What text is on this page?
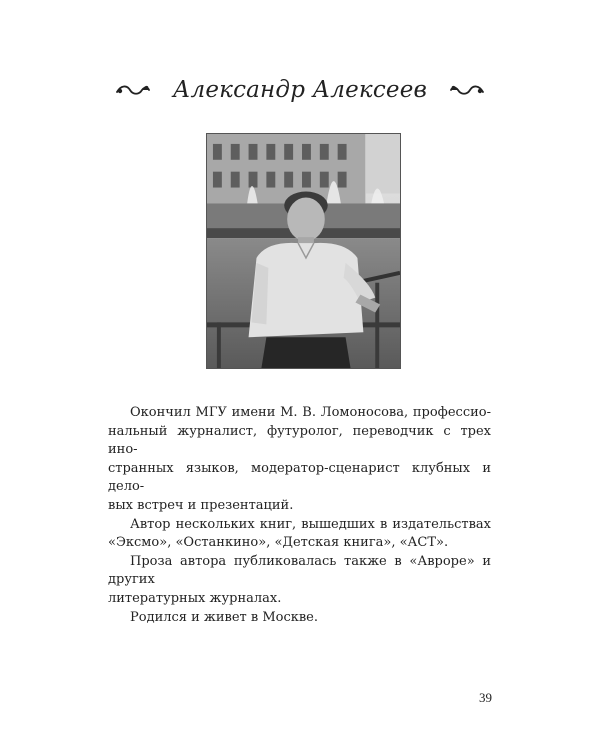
Александр Алексеев

Окончил МГУ имени М. В. Ломоносова, профессио-
нальный журналист, футуролог, переводчик с трех ино-
странных языков, модератор-сценарист клубных и дело-
вых встреч и презентаций.

Автор нескольких книг, вышедших в издательствах
«Эксмо», «Останкино», «Детская книга», «АСТ».

Проза автора публиковалась также в «Авроре» и других
литературных журналах.

Родился и живет в Москве.

39
